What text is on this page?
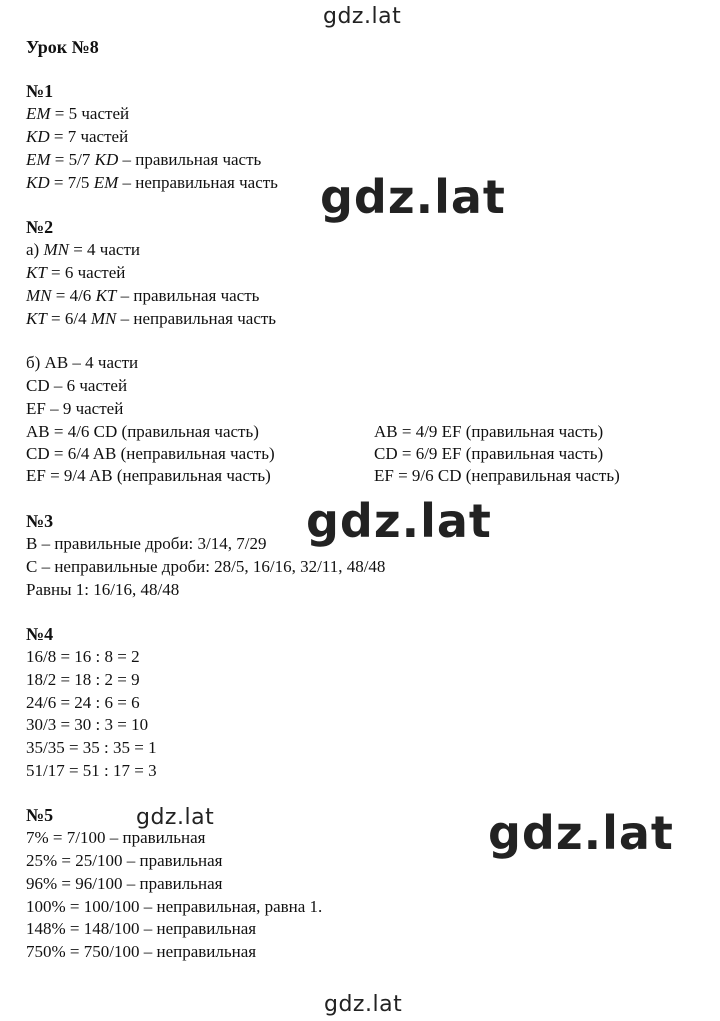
gdz.lat
Урок №8
№1
EM = 5 частей
KD = 7 частей
EM = 5/7 KD – правильная часть
KD = 7/5 EM – неправильная часть gdz.lat
№2
а) MN = 4 части
KT = 6 частей
MN = 4/6 KT – правильная часть
KT = 6/4 MN – неправильная часть
б) AB – 4 части
CD – 6 частей
EF – 9 частей
AB = 4/6 CD (правильная часть)
CD = 6/4 AB (неправильная часть)
EF = 9/4 AB (неправильная часть)
AB = 4/9 EF (правильная часть)
CD = 6/9 EF (правильная часть)
EF = 9/6 CD (неправильная часть)
gdz.lat
№3
B – правильные дроби: 3/14, 7/29
C – неправильные дроби: 28/5, 16/16, 32/11, 48/48
Равны 1: 16/16, 48/48
№4
16/8 = 16 : 8 = 2
18/2 = 18 : 2 = 9
24/6 = 24 : 6 = 6
30/3 = 30 : 3 = 10
35/35 = 35 : 35 = 1
51/17 = 51 : 17 = 3
№5	gdz.lat
7% = 7/100 – правильная
25% = 25/100 – правильная
96% = 96/100 – правильная
100% = 100/100 – неправильная, равна 1.
148% = 148/100 – неправильная
750% = 750/100 – неправильная
gdz.lat
gdz.lat
